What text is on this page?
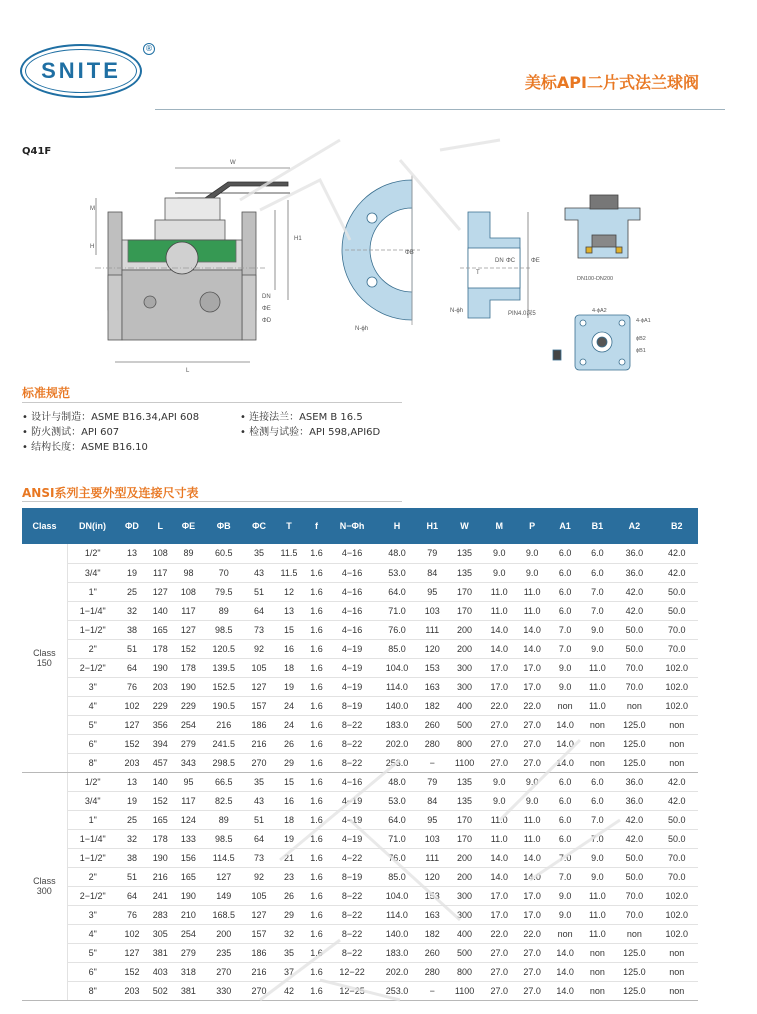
SNITE
®
美标API二片式法兰球阀
Q41F
W
M
H
H1
L
DN
ΦE
ΦD
ΦB
N-ϕh
DN ΦC	ΦE
T
N-ϕh	PIN4.0深5
DN100-DN200
4-ϕA2
4-ϕA1
ϕB2
ϕB1
标准规范
• 设计与制造：ASME B16.34,API 608	• 连接法兰：ASEM B 16.5
• 防火测试：API 607	• 检测与试验：API 598,API6D
• 结构长度：ASME B16.10
ANSI系列主要外型及连接尺寸表
Class	DN(in)	ΦD	L	ΦE	ΦB	ΦC	T	f	N−Φh	H	H1	W	M	P	A1	B1	A2	B2
Class
150	1/2"	13	108	89	60.5	35	11.5	1.6	4−16	48.0	79	135	9.0	9.0	6.0	6.0	36.0	42.0
	3/4"	19	117	98	70	43	11.5	1.6	4−16	53.0	84	135	9.0	9.0	6.0	6.0	36.0	42.0
	1"	25	127	108	79.5	51	12	1.6	4−16	64.0	95	170	11.0	11.0	6.0	7.0	42.0	50.0
	1−1/4"	32	140	117	89	64	13	1.6	4−16	71.0	103	170	11.0	11.0	6.0	7.0	42.0	50.0
	1−1/2"	38	165	127	98.5	73	15	1.6	4−16	76.0	111	200	14.0	14.0	7.0	9.0	50.0	70.0
	2"	51	178	152	120.5	92	16	1.6	4−19	85.0	120	200	14.0	14.0	7.0	9.0	50.0	70.0
	2−1/2"	64	190	178	139.5	105	18	1.6	4−19	104.0	153	300	17.0	17.0	9.0	11.0	70.0	102.0
	3"	76	203	190	152.5	127	19	1.6	4−19	114.0	163	300	17.0	17.0	9.0	11.0	70.0	102.0
	4"	102	229	229	190.5	157	24	1.6	8−19	140.0	182	400	22.0	22.0	non	11.0	non	102.0
	5"	127	356	254	216	186	24	1.6	8−22	183.0	260	500	27.0	27.0	14.0	non	125.0	non
	6"	152	394	279	241.5	216	26	1.6	8−22	202.0	280	800	27.0	27.0	14.0	non	125.0	non
	8"	203	457	343	298.5	270	29	1.6	8−22	253.0	−	1100	27.0	27.0	14.0	non	125.0	non
Class
300	1/2"	13	140	95	66.5	35	15	1.6	4−16	48.0	79	135	9.0	9.0	6.0	6.0	36.0	42.0
	3/4"	19	152	117	82.5	43	16	1.6	4−19	53.0	84	135	9.0	9.0	6.0	6.0	36.0	42.0
	1"	25	165	124	89	51	18	1.6	4−19	64.0	95	170	11.0	11.0	6.0	7.0	42.0	50.0
	1−1/4"	32	178	133	98.5	64	19	1.6	4−19	71.0	103	170	11.0	11.0	6.0	7.0	42.0	50.0
	1−1/2"	38	190	156	114.5	73	21	1.6	4−22	76.0	111	200	14.0	14.0	7.0	9.0	50.0	70.0
	2"	51	216	165	127	92	23	1.6	8−19	85.0	120	200	14.0	14.0	7.0	9.0	50.0	70.0
	2−1/2"	64	241	190	149	105	26	1.6	8−22	104.0	153	300	17.0	17.0	9.0	11.0	70.0	102.0
	3"	76	283	210	168.5	127	29	1.6	8−22	114.0	163	300	17.0	17.0	9.0	11.0	70.0	102.0
	4"	102	305	254	200	157	32	1.6	8−22	140.0	182	400	22.0	22.0	non	11.0	non	102.0
	5"	127	381	279	235	186	35	1.6	8−22	183.0	260	500	27.0	27.0	14.0	non	125.0	non
	6"	152	403	318	270	216	37	1.6	12−22	202.0	280	800	27.0	27.0	14.0	non	125.0	non
	8"	203	502	381	330	270	42	1.6	12−25	253.0	−	1100	27.0	27.0	14.0	non	125.0	non
